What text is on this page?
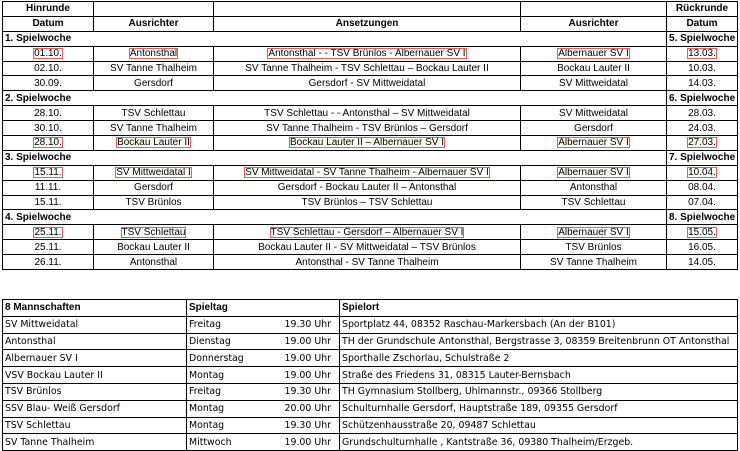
Hinrunde				Rückrunde
Datum	Ausrichter	Ansetzungen	Ausrichter	Datum
1. Spielwoche				5. Spielwoche
01.10.	Antonsthal	Antonsthal - - TSV Brünlos - Albernauer SV I	Albernauer SV I	13.03.
02.10.	SV Tanne Thalheim	SV Tanne Thalheim - TSV Schlettau – Bockau Lauter II	Bockau Lauter II	10.03.
30.09.	Gersdorf	Gersdorf - SV Mittweidatal	SV Mittweidatal	14.03.
2. Spielwoche				6. Spielwoche
28.10.	TSV Schlettau	TSV Schlettau - - Antonsthal – SV Mittweidatal	SV Mittweidatal	28.03.
30.10.	SV Tanne Thalheim	SV Tanne Thalheim - TSV Brünlos – Gersdorf	Gersdorf	24.03.
28.10.	Bockau Lauter II	Bockau Lauter II – Albernauer SV I	Albernauer SV I	27.03.
3. Spielwoche				7. Spielwoche
15.11.	SV Mittweidatal I	SV Mittweidatal - SV Tanne Thalheim - Albernauer SV I	Albernauer SV I	10.04.
11.11.	Gersdorf	Gersdorf - Bockau Lauter II – Antonsthal	Antonsthal	08.04.
15.11.	TSV Brünlos	TSV Brünlos – TSV Schlettau	TSV Schlettau	07.04.
4. Spielwoche				8. Spielwoche
25.11.	TSV Schlettau	TSV Schlettau - Gersdorf – Albernauer SV I	Albernauer SV I	15.05.
25.11.	Bockau Lauter II	Bockau Lauter II - SV Mittweidatal – TSV Brünlos	TSV Brünlos	16.05.
26.11.	Antonsthal	Antonsthal - SV Tanne Thalheim	SV Tanne Thalheim	14.05.
8 Mannschaften	Spieltag	Spielort
SV Mittweidatal	Freitag 19.30 Uhr	Sportplatz 44, 08352 Raschau-Markersbach (An der B101)
Antonsthal	Dienstag 19.00 Uhr	TH der Grundschule Antonsthal, Bergstrasse 3, 08359 Breitenbrunn OT Antonsthal
Albernauer SV I	Donnerstag 19.00 Uhr	Sporthalle Zschorlau, Schulstraße 2
VSV Bockau Lauter II	Montag 19.00 Uhr	Straße des Friedens 31, 08315 Lauter-Bernsbach
TSV Brünlos	Freitag 19.30 Uhr	TH Gymnasium Stollberg, Uhlmannstr., 09366 Stollberg
SSV Blau- Weiß Gersdorf	Montag 20.00 Uhr	Schulturnhalle Gersdorf, Hauptstraße 189, 09355 Gersdorf
TSV Schlettau	Montag 19.30 Uhr	Schützenhausstraße 20, 09487 Schlettau
SV Tanne Thalheim	Mittwoch 19.00 Uhr	Grundschulturnhalle , Kantstraße 36, 09380 Thalheim/Erzgeb.
